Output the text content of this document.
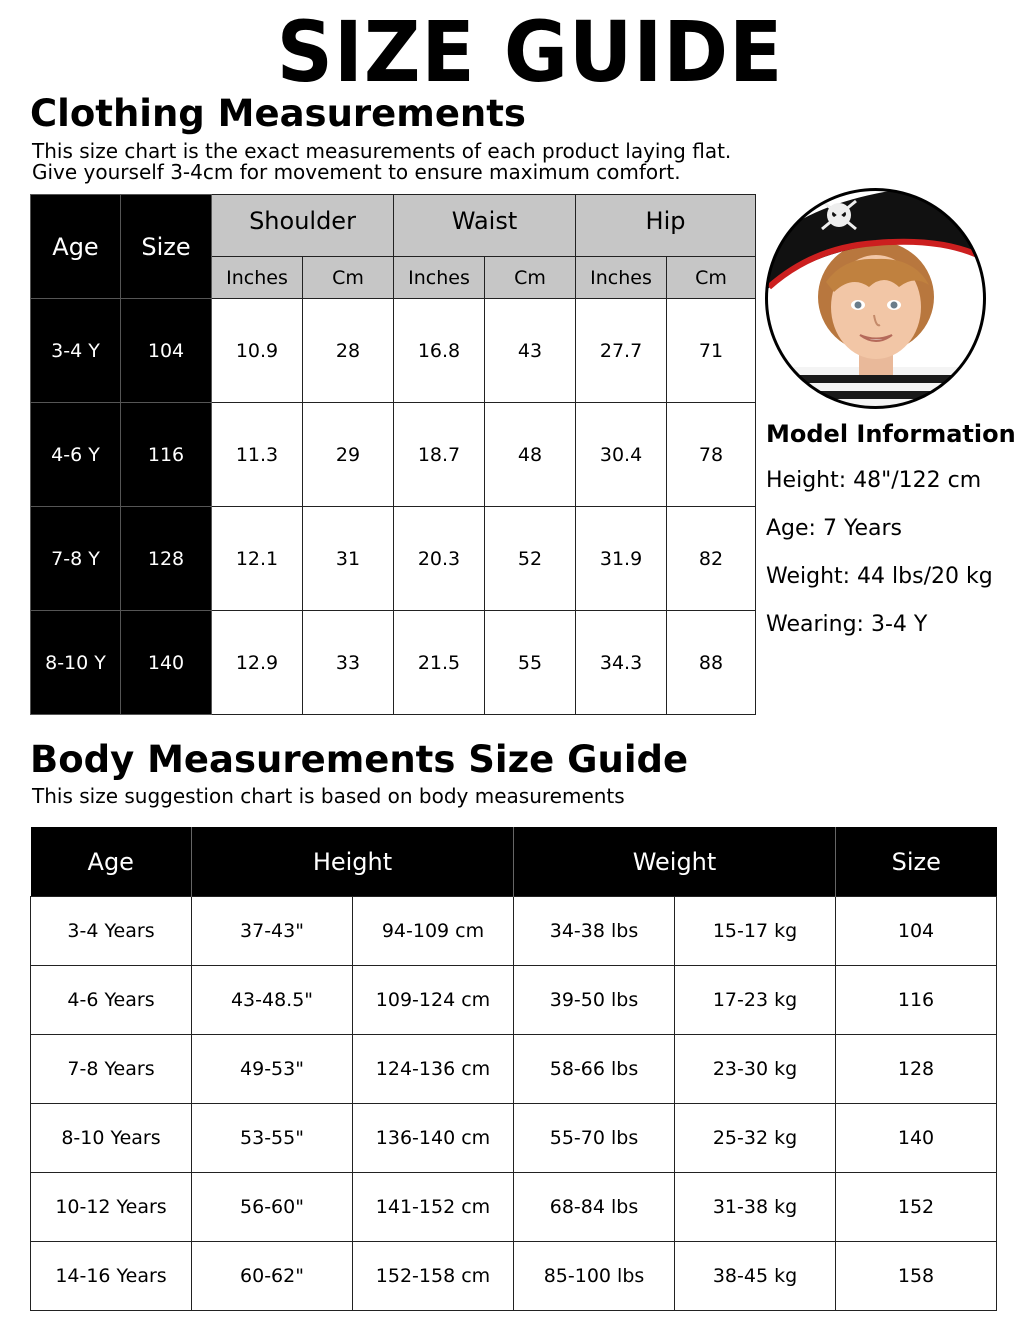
SIZE GUIDE
Clothing Measurements
This size chart is the exact measurements of each product laying flat.
Give yourself 3-4cm for movement to ensure maximum comfort.
Age	Size	Shoulder		Waist		Hip	
		Inches	Cm	Inches	Cm	Inches	Cm
3-4 Y	104	10.9	28	16.8	43	27.7	71
4-6 Y	116	11.3	29	18.7	48	30.4	78
7-8 Y	128	12.1	31	20.3	52	31.9	82
8-10 Y	140	12.9	33	21.5	55	34.3	88
Model Information
Height: 48"/122 cm
Age: 7 Years
Weight: 44 lbs/20 kg
Wearing: 3-4 Y
Body Measurements Size Guide
This size suggestion chart is based on body measurements
Age	Height		Weight		Size
3-4 Years	37-43"	94-109 cm	34-38 lbs	15-17 kg	104
4-6 Years	43-48.5"	109-124 cm	39-50 lbs	17-23 kg	116
7-8 Years	49-53"	124-136 cm	58-66 lbs	23-30 kg	128
8-10 Years	53-55"	136-140 cm	55-70 lbs	25-32 kg	140
10-12 Years	56-60"	141-152 cm	68-84 lbs	31-38 kg	152
14-16 Years	60-62"	152-158 cm	85-100 lbs	38-45 kg	158
